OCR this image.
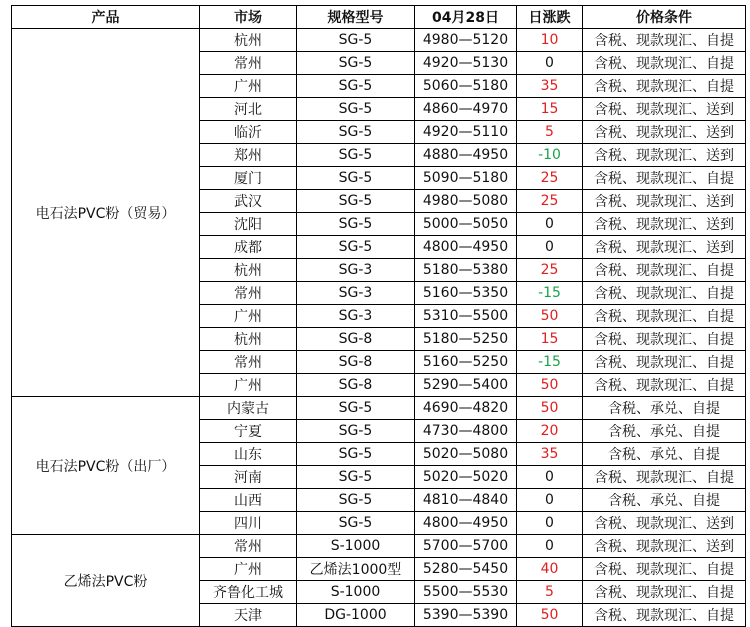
产品	市场	规格型号	04月28日	日涨跌	价格条件
电石法PVC粉（贸易）	杭州	SG-5	4980—5120	10	含税、现款现汇、自提
	常州	SG-5	4920—5130	0	含税、现款现汇、自提
	广州	SG-5	5060—5180	35	含税、现款现汇、自提
	河北	SG-5	4860—4970	15	含税、现款现汇、送到
	临沂	SG-5	4920—5110	5	含税、现款现汇、送到
	郑州	SG-5	4880—4950	-10	含税、现款现汇、送到
	厦门	SG-5	5090—5180	25	含税、现款现汇、自提
	武汉	SG-5	4980—5080	25	含税、现款现汇、送到
	沈阳	SG-5	5000—5050	0	含税、现款现汇、送到
	成都	SG-5	4800—4950	0	含税、现款现汇、送到
	杭州	SG-3	5180—5380	25	含税、现款现汇、自提
	常州	SG-3	5160—5350	-15	含税、现款现汇、自提
	广州	SG-3	5310—5500	50	含税、现款现汇、自提
	杭州	SG-8	5180—5250	15	含税、现款现汇、自提
	常州	SG-8	5160—5250	-15	含税、现款现汇、自提
	广州	SG-8	5290—5400	50	含税、现款现汇、自提
电石法PVC粉（出厂）	内蒙古	SG-5	4690—4820	50	含税、承兑、自提
	宁夏	SG-5	4730—4800	20	含税、承兑、自提
	山东	SG-5	5020—5080	35	含税、承兑、自提
	河南	SG-5	5020—5020	0	含税、现款现汇、自提
	山西	SG-5	4810—4840	0	含税、承兑、自提
	四川	SG-5	4800—4950	0	含税、现款现汇、送到
乙烯法PVC粉	常州	S-1000	5700—5700	0	含税、现款现汇、送到
	广州	乙烯法1000型	5280—5450	40	含税、现款现汇、自提
	齐鲁化工城	S-1000	5500—5530	5	含税、现款现汇、自提
	天津	DG-1000	5390—5390	50	含税、现款现汇、自提
